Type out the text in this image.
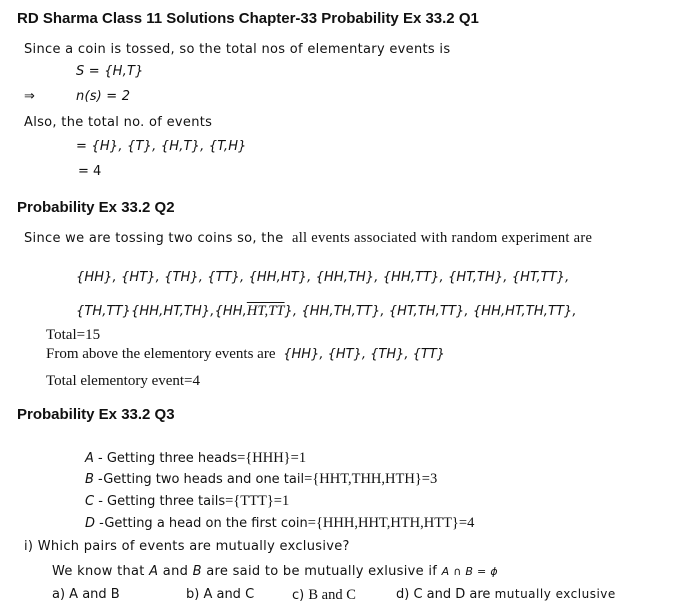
RD Sharma Class 11 Solutions Chapter-33 Probability Ex 33.2 Q1
Since a coin is tossed, so the total nos of elementary events is
S = {H,T}
⇒	n(s) = 2
Also, the total no. of events
= {H}, {T}, {H,T}, {T,H}
= 4
Probability Ex 33.2 Q2
Since we are tossing two coins so, the all events associated with random experiment are
{HH}, {HT}, {TH}, {TT}, {HH,HT}, {HH,TH}, {HH,TT}, {HT,TH}, {HT,TT},
{TH,TT}{HH,HT,TH},{HH,HT,TT}, {HH,TH,TT}, {HT,TH,TT}, {HH,HT,TH,TT},
Total=15
From above the elementory events are {HH}, {HT}, {TH}, {TT}
Total elementory event=4
Probability Ex 33.2 Q3
A - Getting three heads={HHH}=1
B -Getting two heads and one tail={HHT,THH,HTH}=3
C - Getting three tails={TTT}=1
D -Getting a head on the first coin={HHH,HHT,HTH,HTT}=4
i) Which pairs of events are mutually exclusive?
We know that A and B are said to be mutually exlusive if A ∩ B = ϕ
a) A and B	b) A and C	c) B and C	d) C and D are mutually exclusive
